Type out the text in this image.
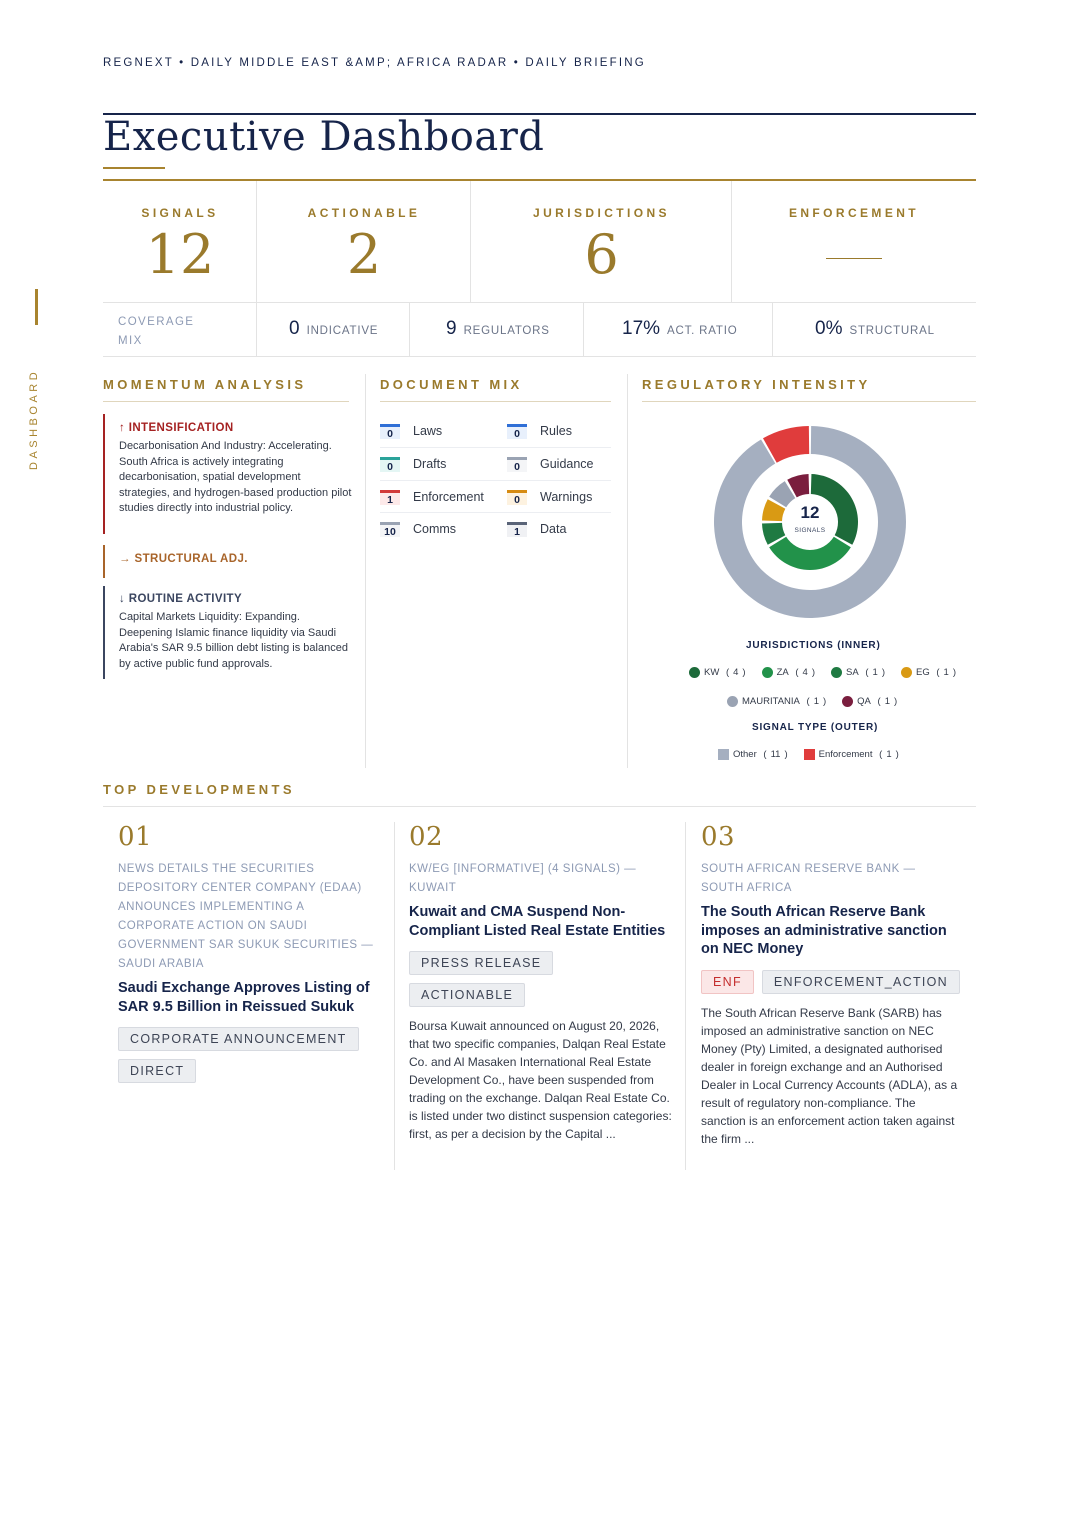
DASHBOARD
REGNEXT • DAILY MIDDLE EAST &AMP; AFRICA RADAR • DAILY BRIEFING
Executive Dashboard
SIGNALS
12
ACTIONABLE
2
JURISDICTIONS
6
ENFORCEMENT
COVERAGE MIX
0 INDICATIVE	9 REGULATORS	17% ACT. RATIO	0% STRUCTURAL
MOMENTUM ANALYSIS	DOCUMENT MIX	REGULATORY INTENSITY
↑ INTENSIFICATION
Decarbonisation And Industry: Accelerating. South Africa is actively integrating decarbonisation, spatial development strategies, and hydrogen-based production pilot studies directly into industrial policy.
→ STRUCTURAL ADJ.
↓ ROUTINE ACTIVITY
Capital Markets Liquidity: Expanding. Deepening Islamic finance liquidity via Saudi Arabia's SAR 9.5 billion debt listing is balanced by active public fund approvals.
0	Laws	0	Rules
0	Drafts	0	Guidance
1	Enforcement	0	Warnings
10	Comms	1	Data
12
SIGNALS
JURISDICTIONS (INNER)
KW ( 4 )	ZA ( 4 )	SA ( 1 )	EG ( 1 )
MAURITANIA ( 1 )	QA ( 1 )
SIGNAL TYPE (OUTER)
Other ( 11 )	Enforcement ( 1 )
TOP DEVELOPMENTS
01
NEWS DETAILS THE SECURITIES DEPOSITORY CENTER COMPANY (EDAA) ANNOUNCES IMPLEMENTING A CORPORATE ACTION ON SAUDI GOVERNMENT SAR SUKUK SECURITIES — SAUDI ARABIA
Saudi Exchange Approves Listing of SAR 9.5 Billion in Reissued Sukuk
CORPORATE ANNOUNCEMENT
DIRECT
02
KW/EG [INFORMATIVE] (4 SIGNALS) — KUWAIT
Kuwait and CMA Suspend Non-Compliant Listed Real Estate Entities
PRESS RELEASE
ACTIONABLE
Boursa Kuwait announced on August 20, 2026, that two specific companies, Dalqan Real Estate Co. and Al Masaken International Real Estate Development Co., have been suspended from trading on the exchange. Dalqan Real Estate Co. is listed under two distinct suspension categories: first, as per a decision by the Capital ...
03
SOUTH AFRICAN RESERVE BANK — SOUTH AFRICA
The South African Reserve Bank imposes an administrative sanction on NEC Money
ENF	ENFORCEMENT_ACTION
The South African Reserve Bank (SARB) has imposed an administrative sanction on NEC Money (Pty) Limited, a designated authorised dealer in foreign exchange and an Authorised Dealer in Local Currency Accounts (ADLA), as a result of regulatory non-compliance. The sanction is an enforcement action taken against the firm ...
